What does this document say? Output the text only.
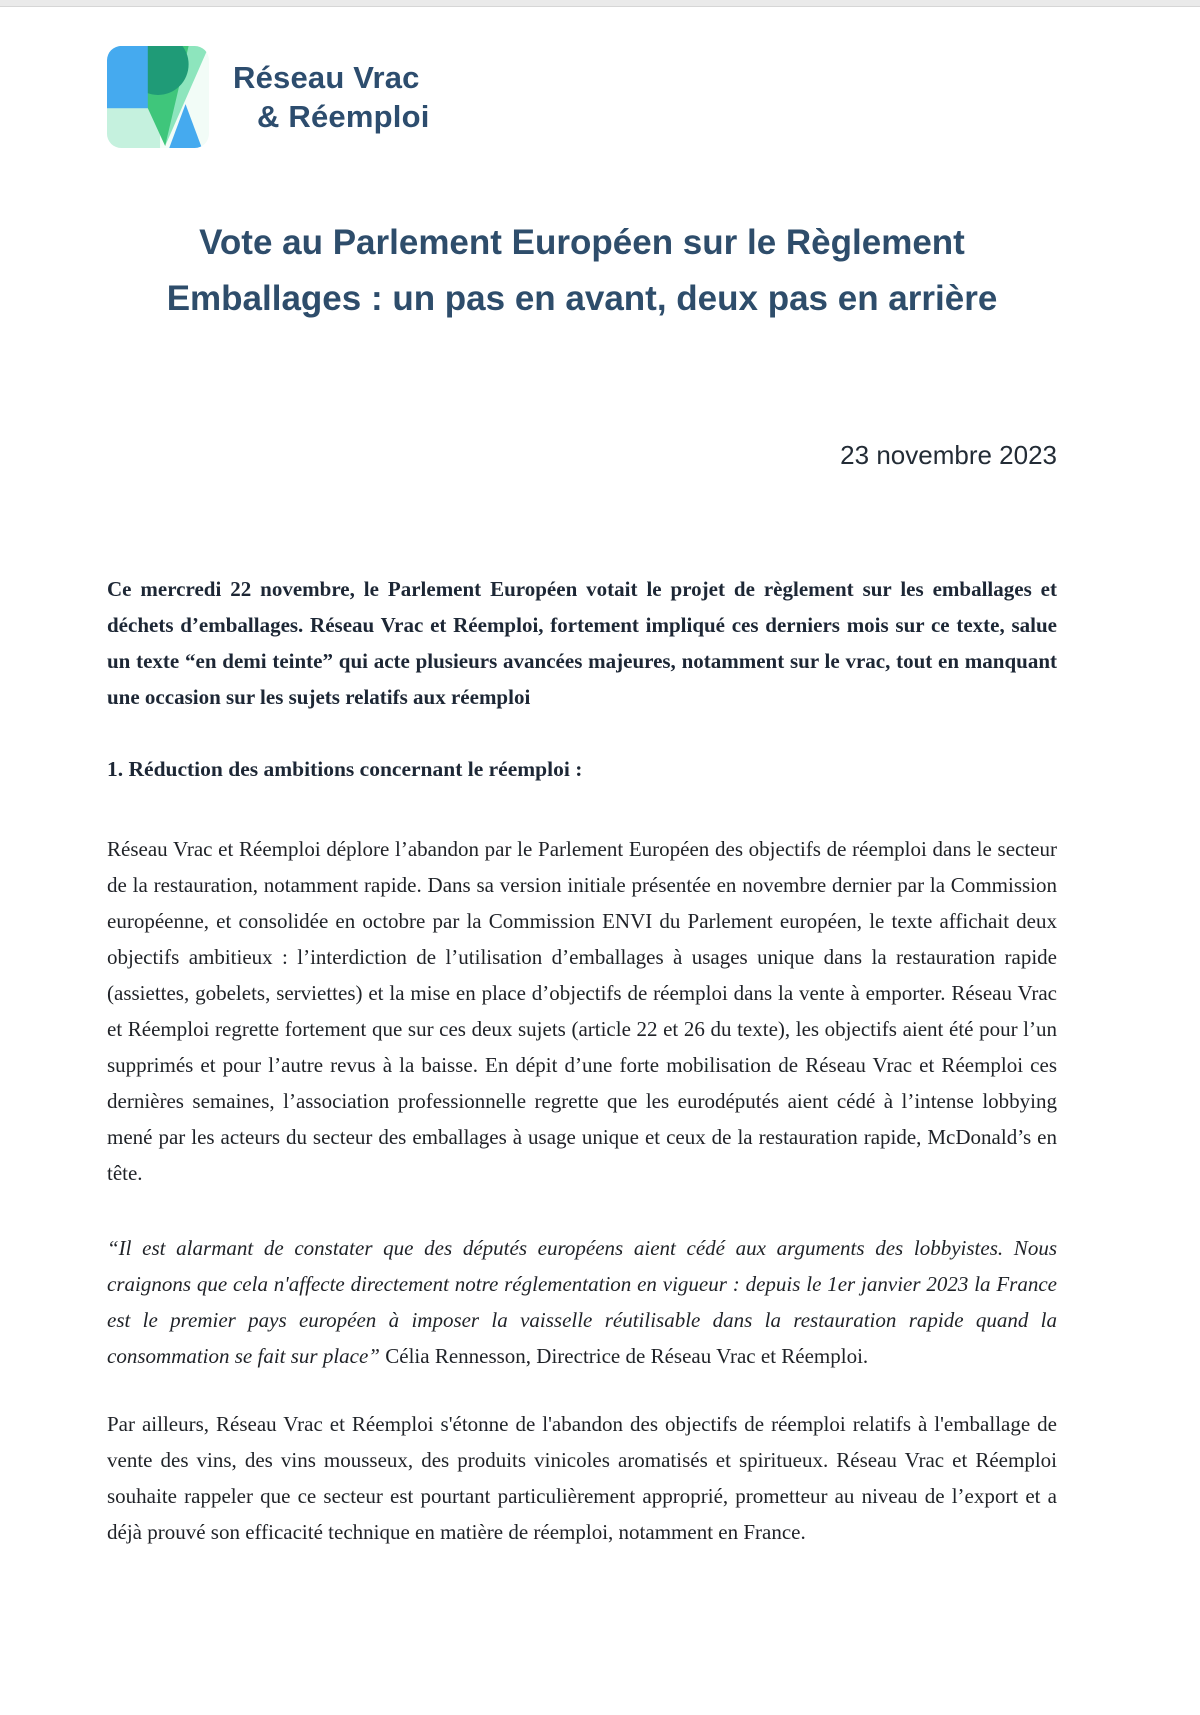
Réseau Vrac
& Réemploi
Vote au Parlement Européen sur le Règlement
Emballages : un pas en avant, deux pas en arrière
23 novembre 2023

Ce mercredi 22 novembre, le Parlement Européen votait le projet de règlement sur les emballages et déchets d’emballages. Réseau Vrac et Réemploi, fortement impliqué ces derniers mois sur ce texte, salue un texte “en demi teinte” qui acte plusieurs avancées majeures, notamment sur le vrac, tout en manquant une occasion sur les sujets relatifs aux réemploi

1. Réduction des ambitions concernant le réemploi :

Réseau Vrac et Réemploi déplore l’abandon par le Parlement Européen des objectifs de réemploi dans le secteur de la restauration, notamment rapide. Dans sa version initiale présentée en novembre dernier par la Commission européenne, et consolidée en octobre par la Commission ENVI du Parlement européen, le texte affichait deux objectifs ambitieux : l’interdiction de l’utilisation d’emballages à usages unique dans la restauration rapide (assiettes, gobelets, serviettes) et la mise en place d’objectifs de réemploi dans la vente à emporter. Réseau Vrac et Réemploi regrette fortement que sur ces deux sujets (article 22 et 26 du texte), les objectifs aient été pour l’un supprimés et pour l’autre revus à la baisse. En dépit d’une forte mobilisation de Réseau Vrac et Réemploi ces dernières semaines, l’association professionnelle regrette que les eurodéputés aient cédé à l’intense lobbying mené par les acteurs du secteur des emballages à usage unique et ceux de la restauration rapide, McDonald’s en tête.

“Il est alarmant de constater que des députés européens aient cédé aux arguments des lobbyistes. Nous craignons que cela n'affecte directement notre réglementation en vigueur : depuis le 1er janvier 2023 la France est le premier pays européen à imposer la vaisselle réutilisable dans la restauration rapide quand la consommation se fait sur place” Célia Rennesson, Directrice de Réseau Vrac et Réemploi.

Par ailleurs, Réseau Vrac et Réemploi s'étonne de l'abandon des objectifs de réemploi relatifs à l'emballage de vente des vins, des vins mousseux, des produits vinicoles aromatisés et spiritueux. Réseau Vrac et Réemploi souhaite rappeler que ce secteur est pourtant particulièrement approprié, prometteur au niveau de l’export et a déjà prouvé son efficacité technique en matière de réemploi, notamment en France.
